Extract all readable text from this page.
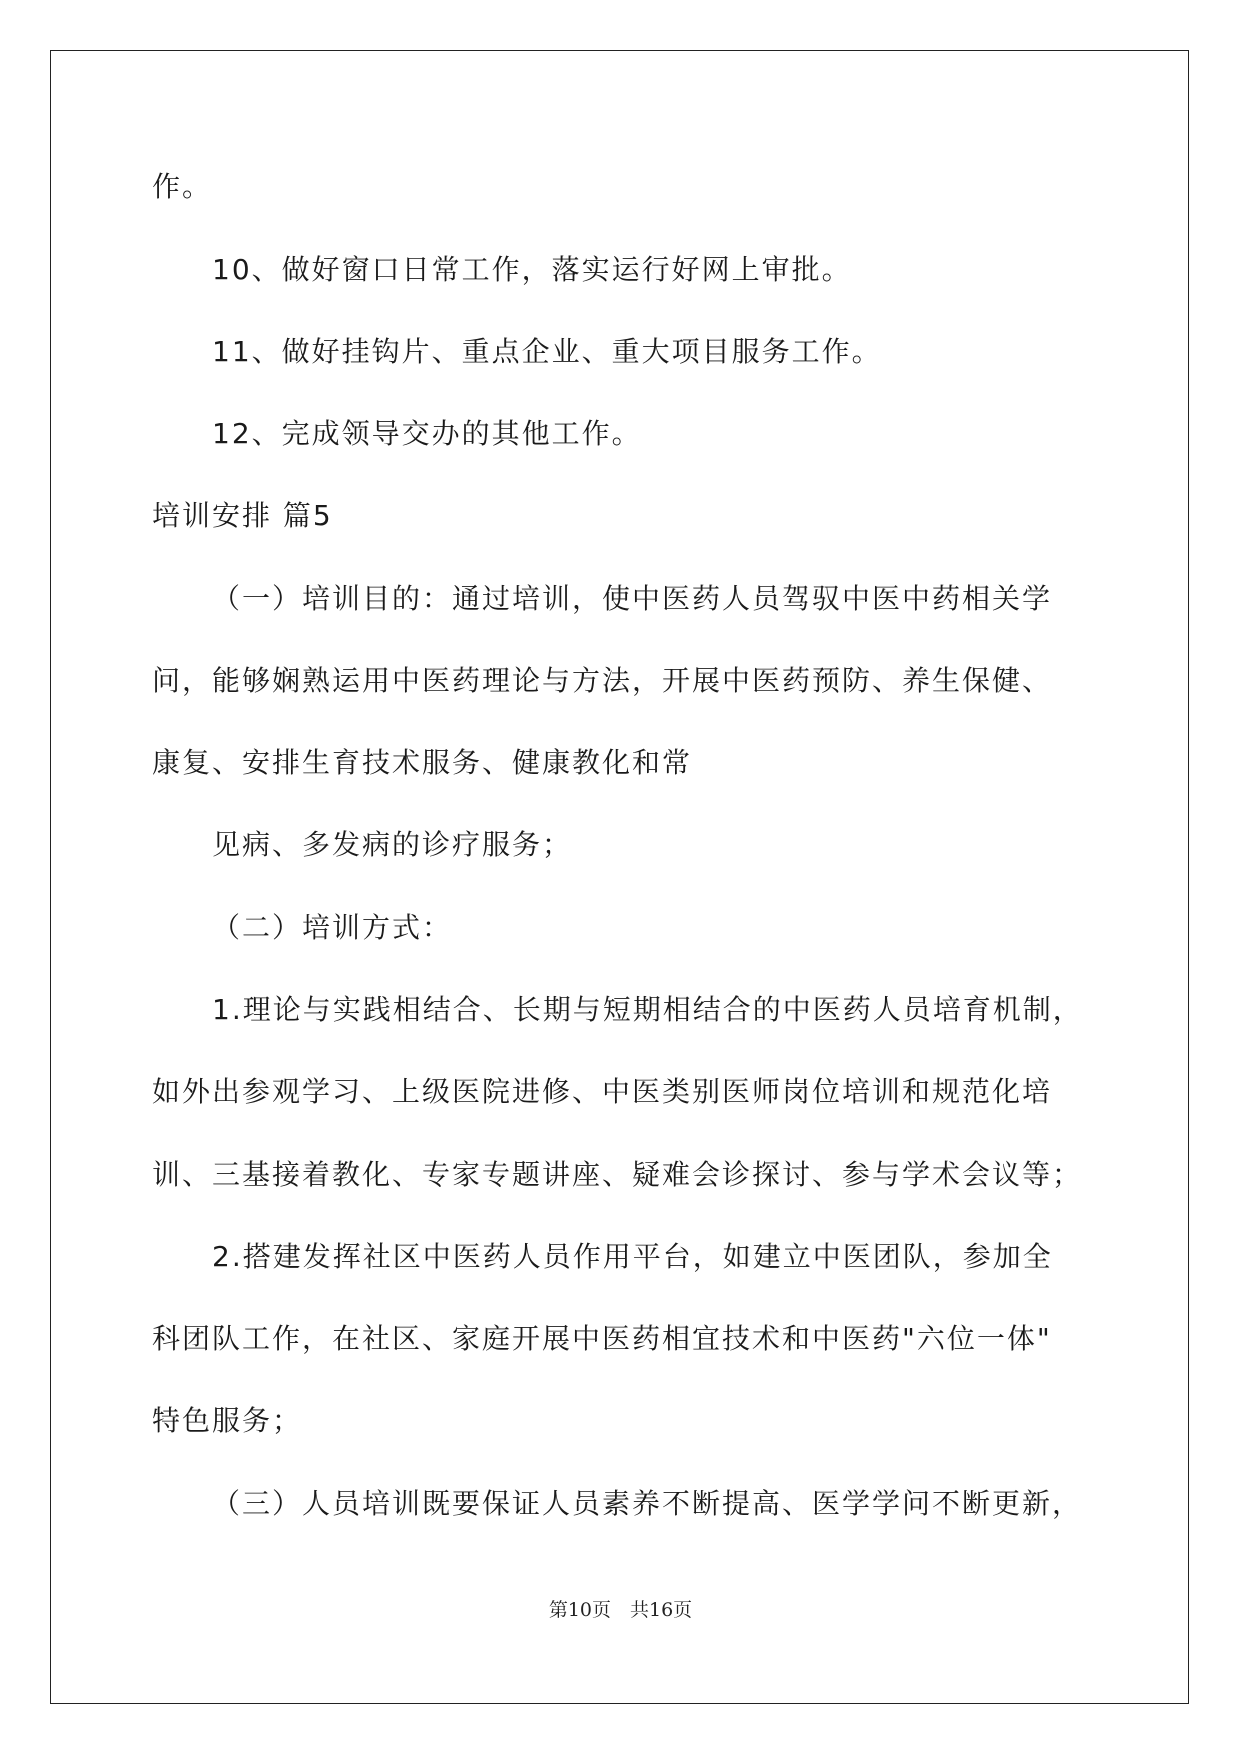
作。
10、做好窗口日常工作，落实运行好网上审批。
11、做好挂钩片、重点企业、重大项目服务工作。
12、完成领导交办的其他工作。
培训安排 篇5
（一）培训目的：通过培训，使中医药人员驾驭中医中药相关学
问，能够娴熟运用中医药理论与方法，开展中医药预防、养生保健、
康复、安排生育技术服务、健康教化和常
见病、多发病的诊疗服务；
（二）培训方式：
1.理论与实践相结合、长期与短期相结合的中医药人员培育机制，
如外出参观学习、上级医院进修、中医类别医师岗位培训和规范化培
训、三基接着教化、专家专题讲座、疑难会诊探讨、参与学术会议等；
2.搭建发挥社区中医药人员作用平台，如建立中医团队，参加全
科团队工作，在社区、家庭开展中医药相宜技术和中医药"六位一体"
特色服务；
（三）人员培训既要保证人员素养不断提高、医学学问不断更新，
第10页　共16页
